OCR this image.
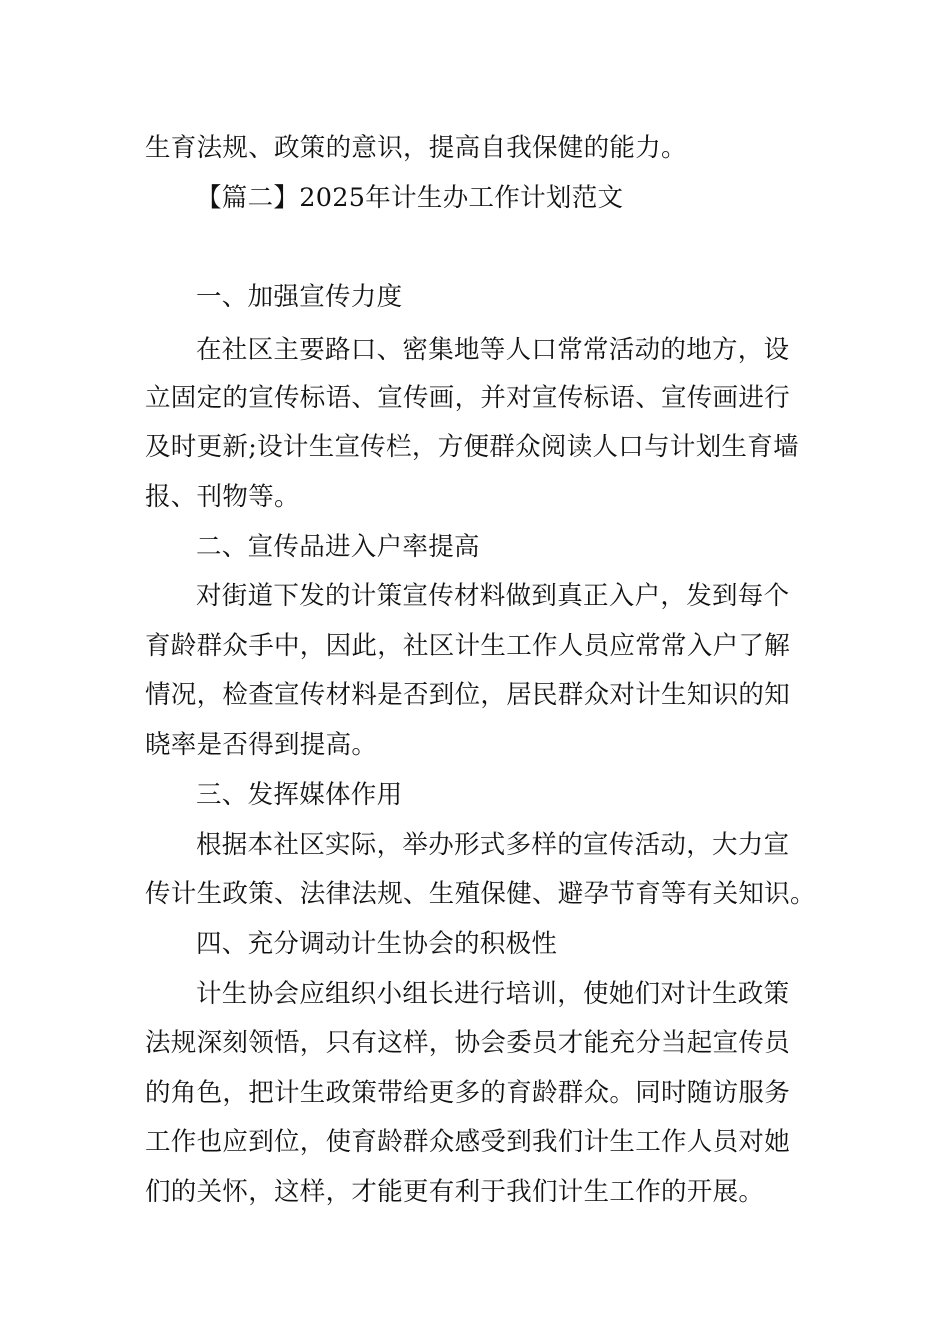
生育法规、政策的意识，提高自我保健的能力。
【篇二】2025年计生办工作计划范文
一、加强宣传力度
在社区主要路口、密集地等人口常常活动的地方，设
立固定的宣传标语、宣传画，并对宣传标语、宣传画进行
及时更新;设计生宣传栏，方便群众阅读人口与计划生育墙
报、刊物等。
二、宣传品进入户率提高
对街道下发的计策宣传材料做到真正入户，发到每个
育龄群众手中，因此，社区计生工作人员应常常入户了解
情况，检查宣传材料是否到位，居民群众对计生知识的知
晓率是否得到提高。
三、发挥媒体作用
根据本社区实际，举办形式多样的宣传活动，大力宣
传计生政策、法律法规、生殖保健、避孕节育等有关知识。
四、充分调动计生协会的积极性
计生协会应组织小组长进行培训，使她们对计生政策
法规深刻领悟，只有这样，协会委员才能充分当起宣传员
的角色，把计生政策带给更多的育龄群众。同时随访服务
工作也应到位，使育龄群众感受到我们计生工作人员对她
们的关怀，这样，才能更有利于我们计生工作的开展。
